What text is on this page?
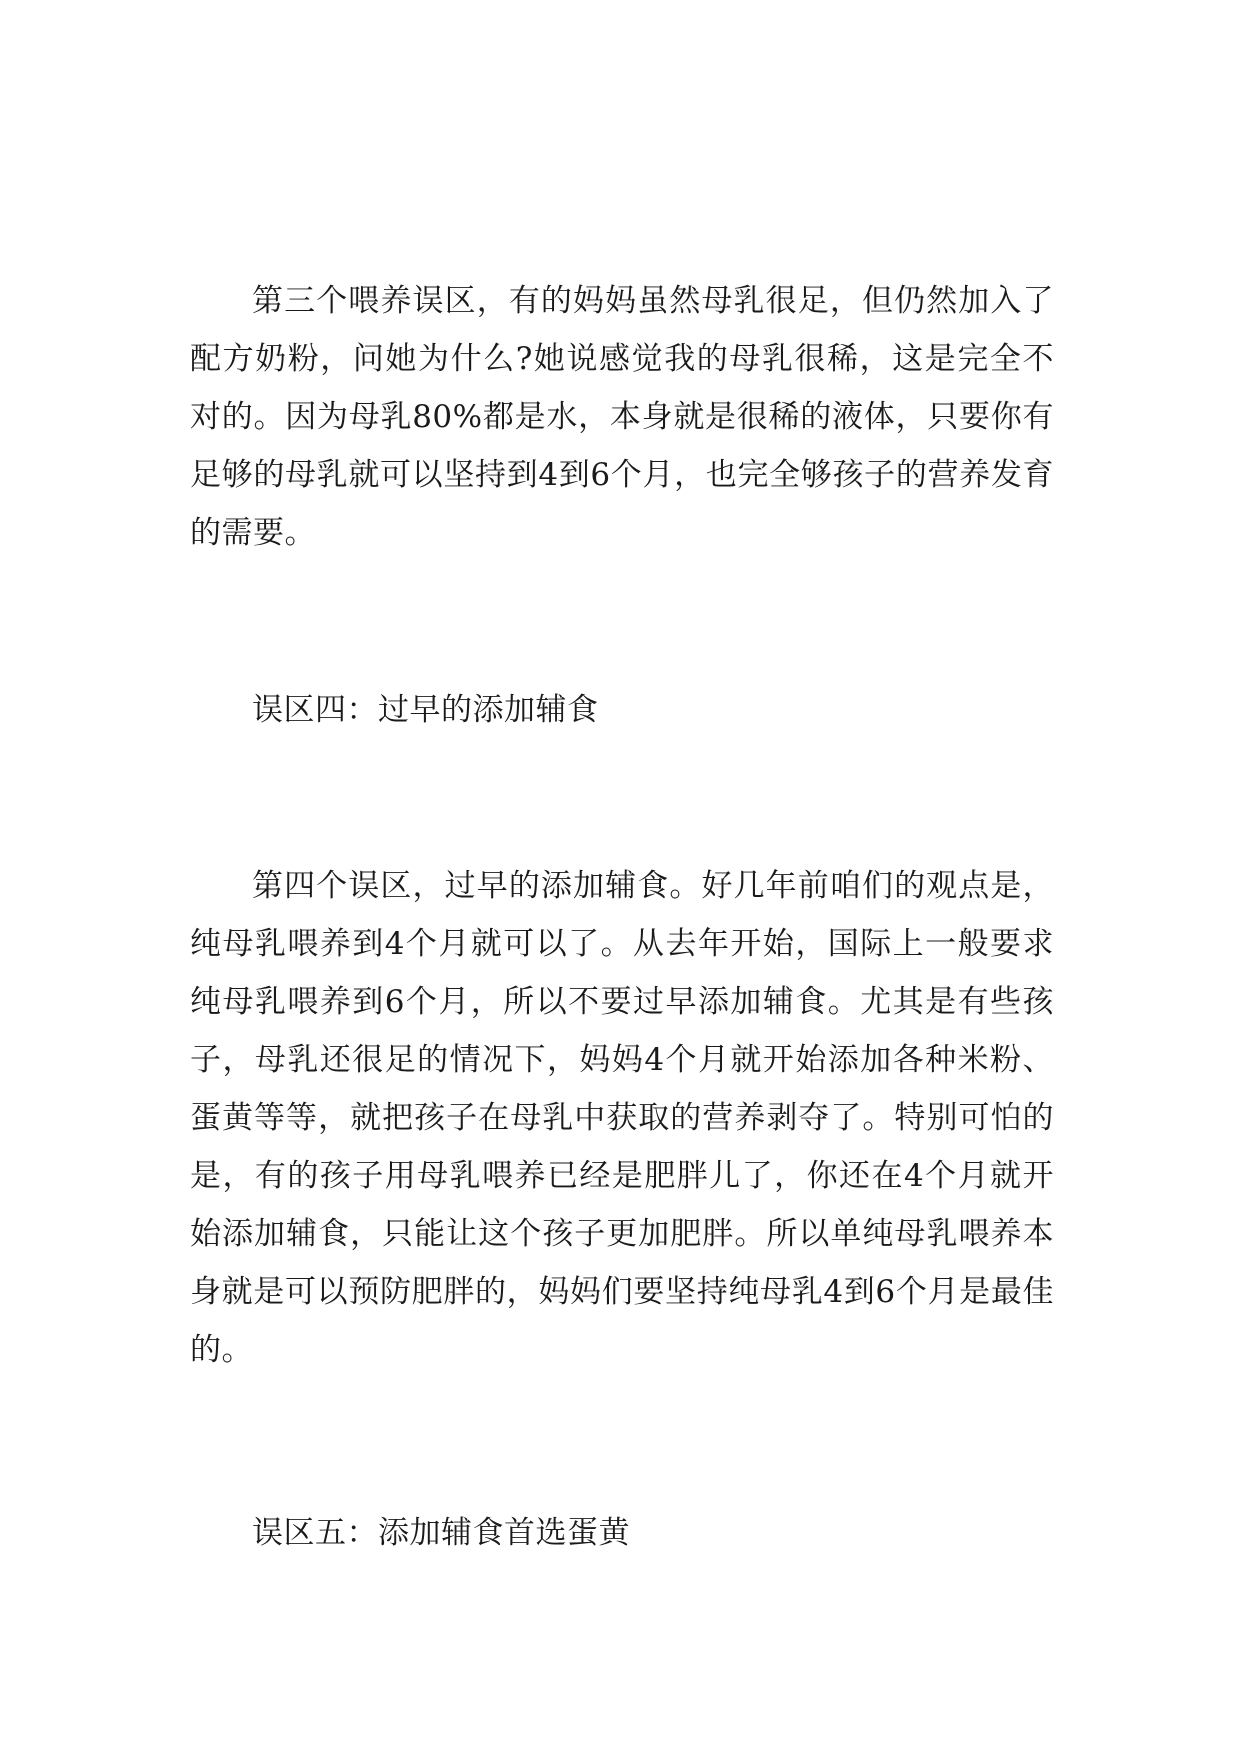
第三个喂养误区，有的妈妈虽然母乳很足，但仍然加入了配方奶粉，问她为什么?她说感觉我的母乳很稀，这是完全不对的。因为母乳80%都是水，本身就是很稀的液体，只要你有足够的母乳就可以坚持到4到6个月，也完全够孩子的营养发育的需要。

误区四：过早的添加辅食

第四个误区，过早的添加辅食。好几年前咱们的观点是，纯母乳喂养到4个月就可以了。从去年开始，国际上一般要求纯母乳喂养到6个月，所以不要过早添加辅食。尤其是有些孩子，母乳还很足的情况下，妈妈4个月就开始添加各种米粉、蛋黄等等，就把孩子在母乳中获取的营养剥夺了。特别可怕的是，有的孩子用母乳喂养已经是肥胖儿了，你还在4个月就开始添加辅食，只能让这个孩子更加肥胖。所以单纯母乳喂养本身就是可以预防肥胖的，妈妈们要坚持纯母乳4到6个月是最佳的。

误区五：添加辅食首选蛋黄
